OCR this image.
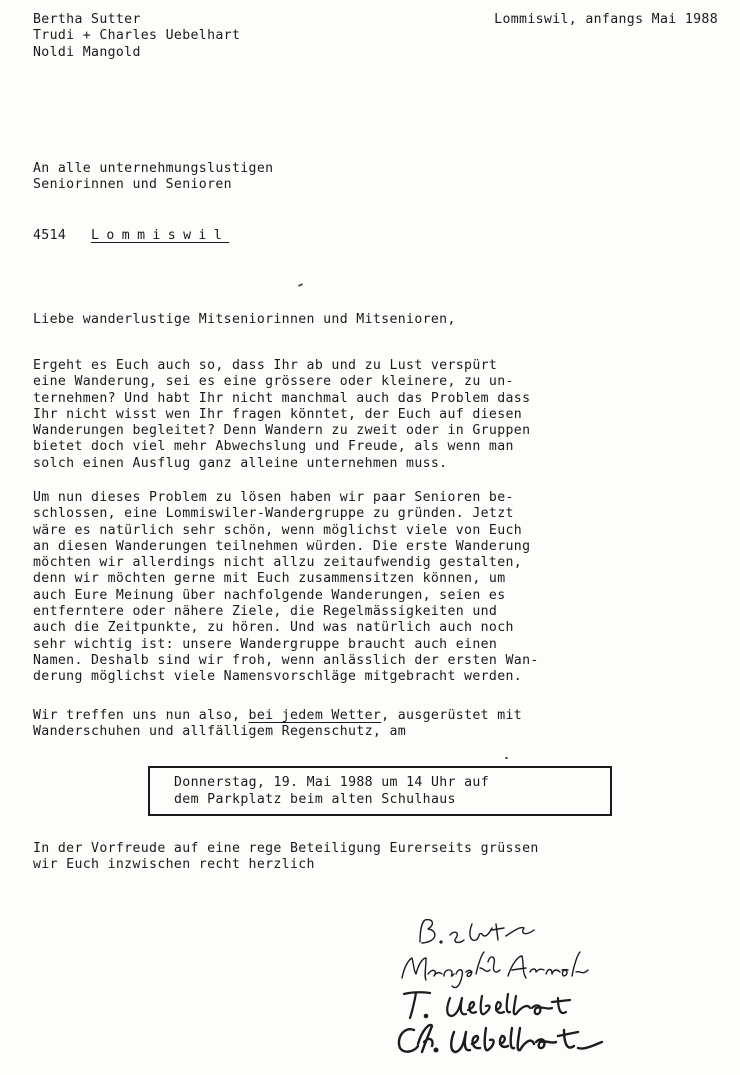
Bertha Sutter
Trudi + Charles Uebelhart
Noldi Mangold
Lommiswil, anfangs Mai 1988
An alle unternehmungslustigen
Seniorinnen und Senioren
4514 Lommiswil
Liebe wanderlustige Mitseniorinnen und Mitsenioren,
Ergeht es Euch auch so, dass Ihr ab und zu Lust verspürt
eine Wanderung, sei es eine grössere oder kleinere, zu un-
ternehmen? Und habt Ihr nicht manchmal auch das Problem dass
Ihr nicht wisst wen Ihr fragen könntet, der Euch auf diesen
Wanderungen begleitet? Denn Wandern zu zweit oder in Gruppen
bietet doch viel mehr Abwechslung und Freude, als wenn man
solch einen Ausflug ganz alleine unternehmen muss.
Um nun dieses Problem zu lösen haben wir paar Senioren be-
schlossen, eine Lommiswiler-Wandergruppe zu gründen. Jetzt
wäre es natürlich sehr schön, wenn möglichst viele von Euch
an diesen Wanderungen teilnehmen würden. Die erste Wanderung
möchten wir allerdings nicht allzu zeitaufwendig gestalten,
denn wir möchten gerne mit Euch zusammensitzen können, um
auch Eure Meinung über nachfolgende Wanderungen, seien es
entferntere oder nähere Ziele, die Regelmässigkeiten und
auch die Zeitpunkte, zu hören. Und was natürlich auch noch
sehr wichtig ist: unsere Wandergruppe braucht auch einen
Namen. Deshalb sind wir froh, wenn anlässlich der ersten Wan-
derung möglichst viele Namensvorschläge mitgebracht werden.
Wir treffen uns nun also, bei jedem Wetter, ausgerüstet mit
Wanderschuhen und allfälligem Regenschutz, am
Donnerstag, 19. Mai 1988 um 14 Uhr auf
dem Parkplatz beim alten Schulhaus
In der Vorfreude auf eine rege Beteiligung Eurerseits grüssen
wir Euch inzwischen recht herzlich
